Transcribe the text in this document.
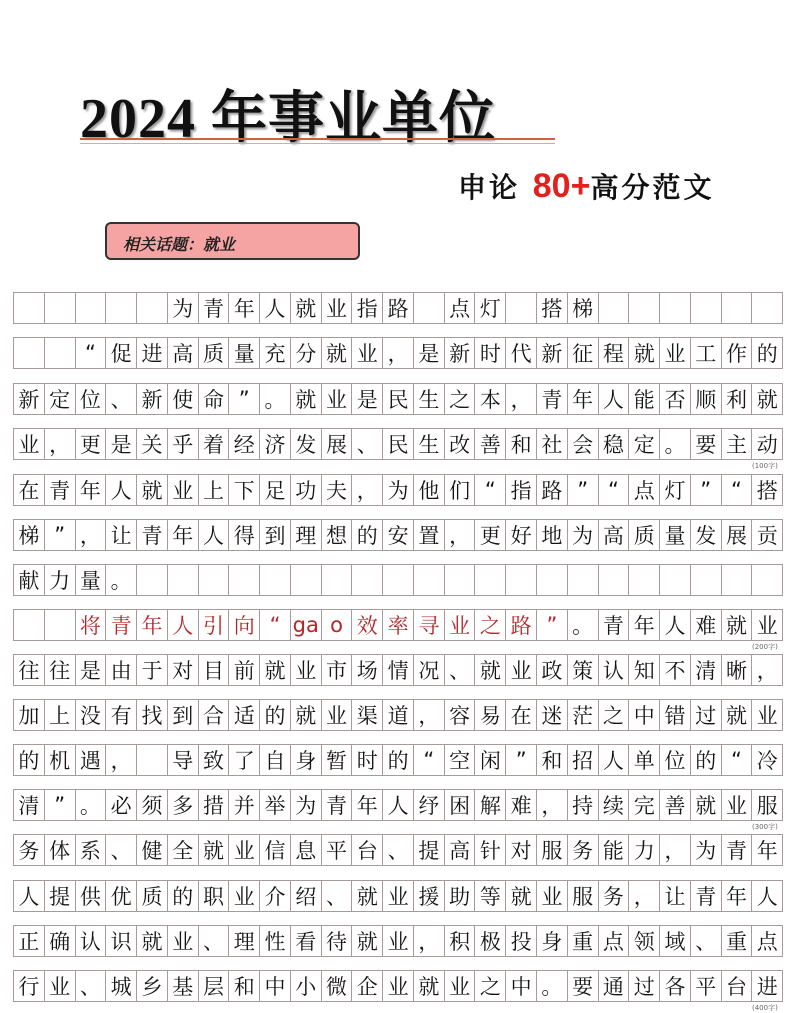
2024 年事业单位
申论 80+高分范文
相关话题：就业
为 青 年 人 就 业 指 路 点 灯 搭 梯
“ 促 进 高 质 量 充 分 就 业 ， 是 新 时 代 新 征 程 就 业 工 作 的
新 定 位 、 新 使 命 ” 。 就 业 是 民 生 之 本 ， 青 年 人 能 否 顺 利 就
业 ， 更 是 关 乎 着 经 济 发 展 、 民 生 改 善 和 社 会 稳 定 。 要 主 动
在 青 年 人 就 业 上 下 足 功 夫 ， 为 他 们 “ 指 路 ” “ 点 灯 ” “ 搭
梯 ” ， 让 青 年 人 得 到 理 想 的 安 置 ， 更 好 地 为 高 质 量 发 展 贡
献 力 量 。
将 青 年 人 引 向 “ ga o 效 率 寻 业 之 路 ” 。 青 年 人 难 就 业
往 往 是 由 于 对 目 前 就 业 市 场 情 况 、 就 业 政 策 认 知 不 清 晰 ，
加 上 没 有 找 到 合 适 的 就 业 渠 道 ， 容 易 在 迷 茫 之 中 错 过 就 业
的 机 遇 ， 导 致 了 自 身 暂 时 的 “ 空 闲 ” 和 招 人 单 位 的 “ 冷
清 ” 。 必 须 多 措 并 举 为 青 年 人 纾 困 解 难 ， 持 续 完 善 就 业 服
务 体 系 、 健 全 就 业 信 息 平 台 、 提 高 针 对 服 务 能 力 ， 为 青 年
人 提 供 优 质 的 职 业 介 绍 、 就 业 援 助 等 就 业 服 务 ， 让 青 年 人
正 确 认 识 就 业 、 理 性 看 待 就 业 ， 积 极 投 身 重 点 领 域 、 重 点
行 业 、 城 乡 基 层 和 中 小 微 企 业 就 业 之 中 。 要 通 过 各 平 台 进
(100字)
(200字)
(300字)
(400字)
